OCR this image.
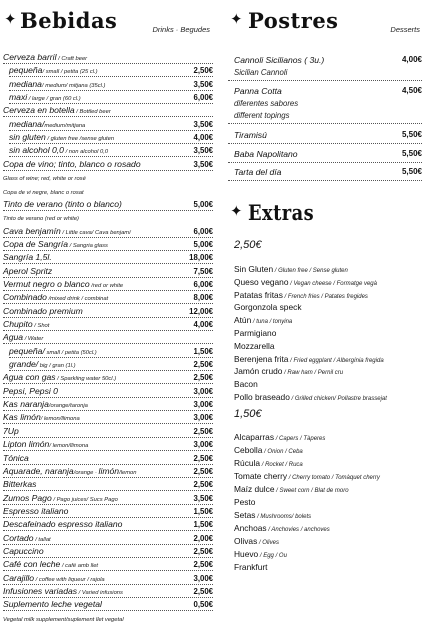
✦ Bebidas	Drinks · Begudes
Cerveza barril / Craft beer
pequeña/ small / petita (25 cl.)	2,50€
mediana/ medium/ mitjana (35cl.)	3,50€
maxi / large / gran (60 cl.)	6,00€
Cerveza en botella / Bottled beer
mediana/medium/mitjana	3,50€
sin gluten / gluten free /sense gluten	4,00€
sin alcohol 0,0 / non alcohol 0,0	3,50€
Copa de vino; tinto, blanco o rosado	3,50€
Glass of wine; red, white or rosé
Copa de vi negre, blanc o rosat
Tinto de verano (tinto o blanco)	5,00€
Tinto de verano (red or white)
Cava benjamín / Little cava/ Cava benjamí	6,00€
Copa de Sangría / Sangria glass	5,00€
Sangría 1,5l.	18,00€
Aperol Spritz	7,50€
Vermut negro o blanco /red or white	6,00€
Combinado /mixed drink / combinat	8,00€
Combinado premium	12,00€
Chupito / Shot	4,00€
Agua / Water
pequeña/ small / petita (50cl.)	1,50€
grande/ big / gran (1l.)	2,50€
Agua con gas / Sparkling water 50cl.)	2,50€
Pepsi, Pepsi 0	3,00€
Kas naranja/orange/taronja	3,00€
Kas limón/ lemon/llimona	3,00€
7Up	2,50€
Lipton limón/ lemon/llimona	3,00€
Tónica	2,50€
Aquarade, naranja/orange · limón/lemon	2,50€
Bitterkas	2,50€
Zumos Pago / Pago juices/ Sucs Pago	3,50€
Espresso italiano	1,50€
Descafeinado espresso italiano	1,50€
Cortado / tallat	2,00€
Capuccino	2,50€
Café con leche / café amb llet	2,50€
Carajillo / coffee with liqueur / rajola	3,00€
Infusiones variadas / Varied infusions	2,50€
Suplemento leche vegetal	0,50€
Vegetal milk supplement/suplement llet vegetal
✦ Postres	Desserts
Cannoli Sicilianos ( 3u.)	4,00€
Sicilian Cannoli
Panna Cotta	4,50€
diferentes sabores
different topings
Tiramisú	5,50€
Baba Napolitano	5,50€
Tarta del día	5,50€
✦ Extras
2,50€
Sin Gluten / Gluten free / Sense gluten
Queso vegano / Vegan cheese / Formatge vegà
Patatas fritas / French fries / Patates fregides
Gorgonzola speck
Atún / tuna / tonyina
Parmigiano
Mozzarella
Berenjena frita / Fried eggplant / Albergínia fregida
Jamón crudo / Raw ham / Pernil cru
Bacon
Pollo braseado / Grilled chicken/ Pollastre brassejat
1,50€
Alcaparras / Capers / Tàperes
Cebolla / Onion / Ceba
Rúcula / Rocket / Ruca
Tomate cherry / Cherry tomato / Tomàquet cherry
Maíz dulce / Sweet corn / Blat de moro
Pesto
Setas / Mushrooms/ bolets
Anchoas / Anchovies / anchoves
Olivas / Olives
Huevo / Egg / Ou
Frankfurt
